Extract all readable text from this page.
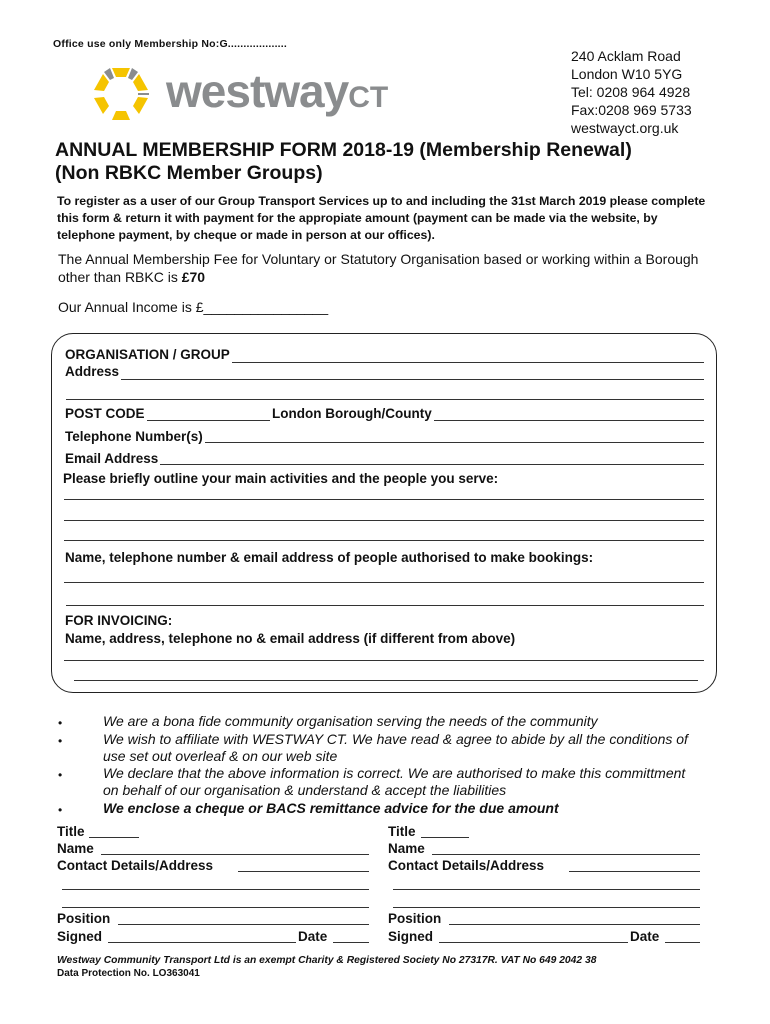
Office use only Membership No:G...................
westwayCT
240 Acklam Road
London W10 5YG
Tel: 0208 964 4928
Fax:0208 969 5733
westwayct.org.uk
ANNUAL MEMBERSHIP FORM 2018-19 (Membership Renewal)
(Non RBKC Member Groups)
To register as a user of our Group Transport Services up to and including the 31st March 2019 please complete this form & return it with payment for the appropiate amount (payment can be made via the website, by telephone payment, by cheque or made in person at our offices).
The Annual Membership Fee for Voluntary or Statutory Organisation based or working within a Borough other than RBKC is £70
Our Annual Income is £________________
ORGANISATION / GROUP
Address
POST CODE	London Borough/County
Telephone Number(s)
Email Address
Please briefly outline your main activities and the people you serve:
Name, telephone number & email address of people authorised to make bookings:
FOR INVOICING:
Name, address, telephone no & email address (if different from above)
•	We are a bona fide community organisation serving the needs of the community
•	We wish to affiliate with WESTWAY CT. We have read & agree to abide by all the conditions of use set out overleaf & on our web site
•	We declare that the above information is correct. We are authorised to make this committment on behalf of our organisation & understand & accept the liabilities
•	We enclose a cheque or BACS remittance advice for the due amount
Title
Name
Contact Details/Address
Position
Signed	Date
Title
Name
Contact Details/Address
Position
Signed	Date
Westway Community Transport Ltd is an exempt Charity & Registered Society No 27317R. VAT No 649 2042 38
Data Protection No. LO363041
